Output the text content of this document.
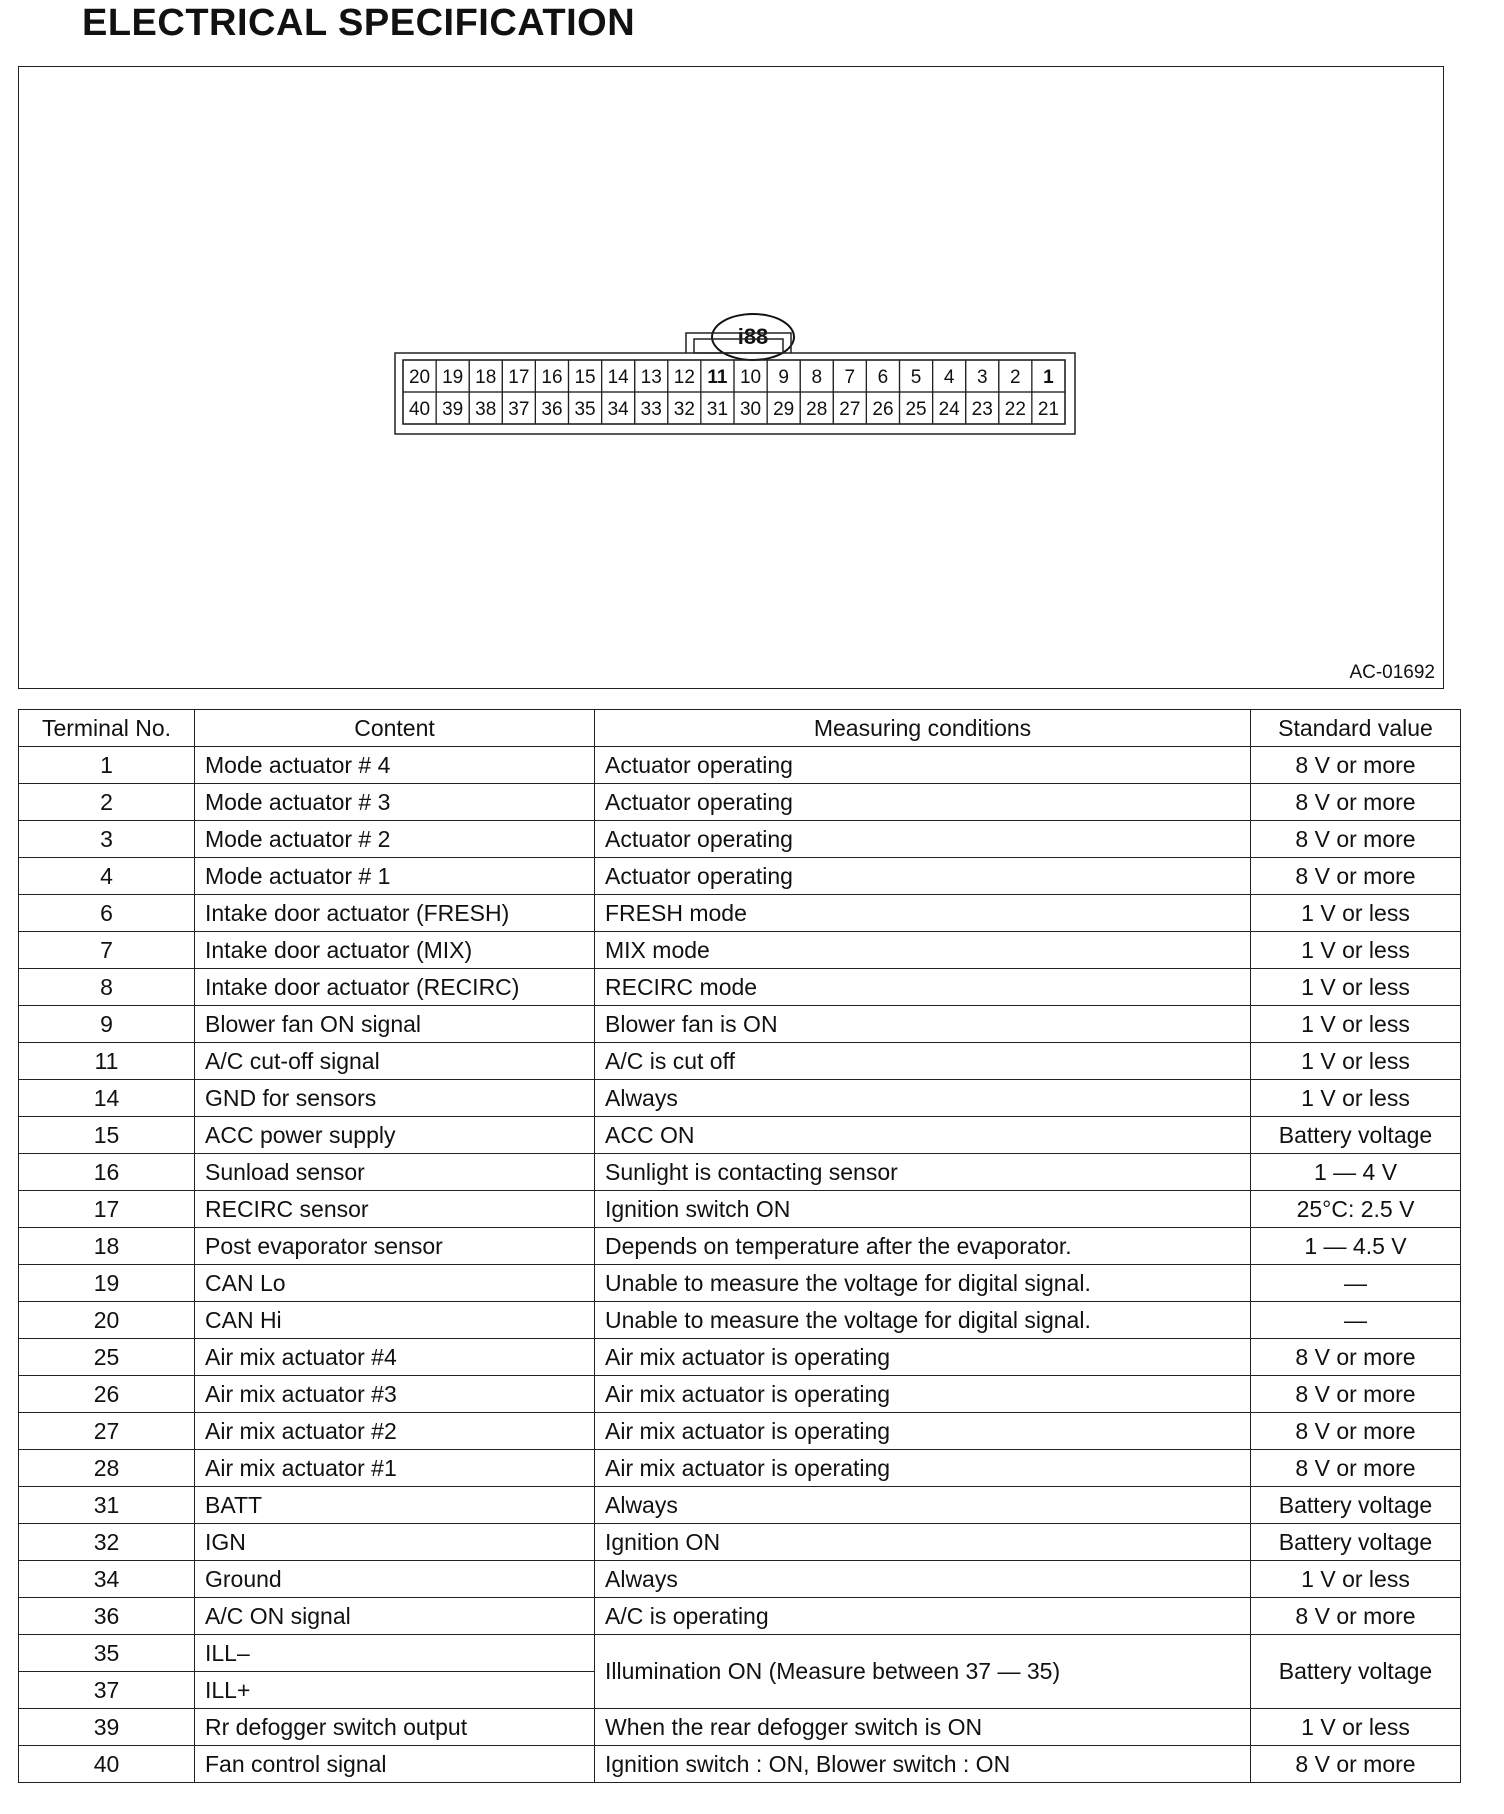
ELECTRICAL SPECIFICATION
i88
20 19 18 17 16 15 14 13 12 11 10 9 8 7 6 5 4 3 2 1
40 39 38 37 36 35 34 33 32 31 30 29 28 27 26 25 24 23 22 21
AC-01692
Terminal No.	Content	Measuring conditions	Standard value
1	Mode actuator # 4	Actuator operating	8 V or more
2	Mode actuator # 3	Actuator operating	8 V or more
3	Mode actuator # 2	Actuator operating	8 V or more
4	Mode actuator # 1	Actuator operating	8 V or more
6	Intake door actuator (FRESH)	FRESH mode	1 V or less
7	Intake door actuator (MIX)	MIX mode	1 V or less
8	Intake door actuator (RECIRC)	RECIRC mode	1 V or less
9	Blower fan ON signal	Blower fan is ON	1 V or less
11	A/C cut-off signal	A/C is cut off	1 V or less
14	GND for sensors	Always	1 V or less
15	ACC power supply	ACC ON	Battery voltage
16	Sunload sensor	Sunlight is contacting sensor	1 — 4 V
17	RECIRC sensor	Ignition switch ON	25°C: 2.5 V
18	Post evaporator sensor	Depends on temperature after the evaporator.	1 — 4.5 V
19	CAN Lo	Unable to measure the voltage for digital signal.	—
20	CAN Hi	Unable to measure the voltage for digital signal.	—
25	Air mix actuator #4	Air mix actuator is operating	8 V or more
26	Air mix actuator #3	Air mix actuator is operating	8 V or more
27	Air mix actuator #2	Air mix actuator is operating	8 V or more
28	Air mix actuator #1	Air mix actuator is operating	8 V or more
31	BATT	Always	Battery voltage
32	IGN	Ignition ON	Battery voltage
34	Ground	Always	1 V or less
36	A/C ON signal	A/C is operating	8 V or more
35	ILL–	Illumination ON (Measure between 37 — 35)	Battery voltage
37	ILL+		
39	Rr defogger switch output	When the rear defogger switch is ON	1 V or less
40	Fan control signal	Ignition switch : ON, Blower switch : ON	8 V or more
